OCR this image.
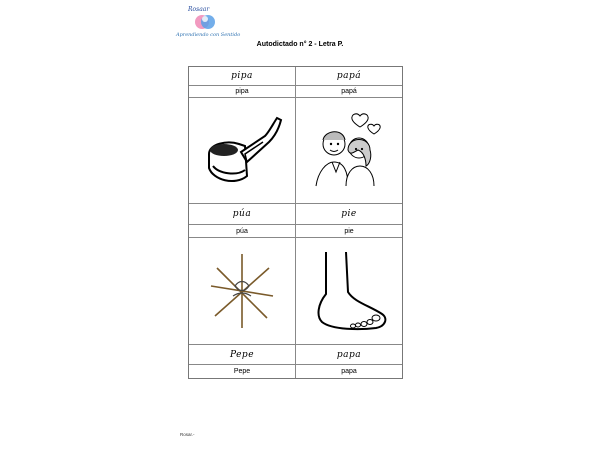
Rosaar
Aprendiendo con Sentido
Autodictado n° 2 - Letra P.
pipa	papá
pipa	papá
púa	pie
púa	pie
Pepe	papa
Pepe	papa
Rosar.-
